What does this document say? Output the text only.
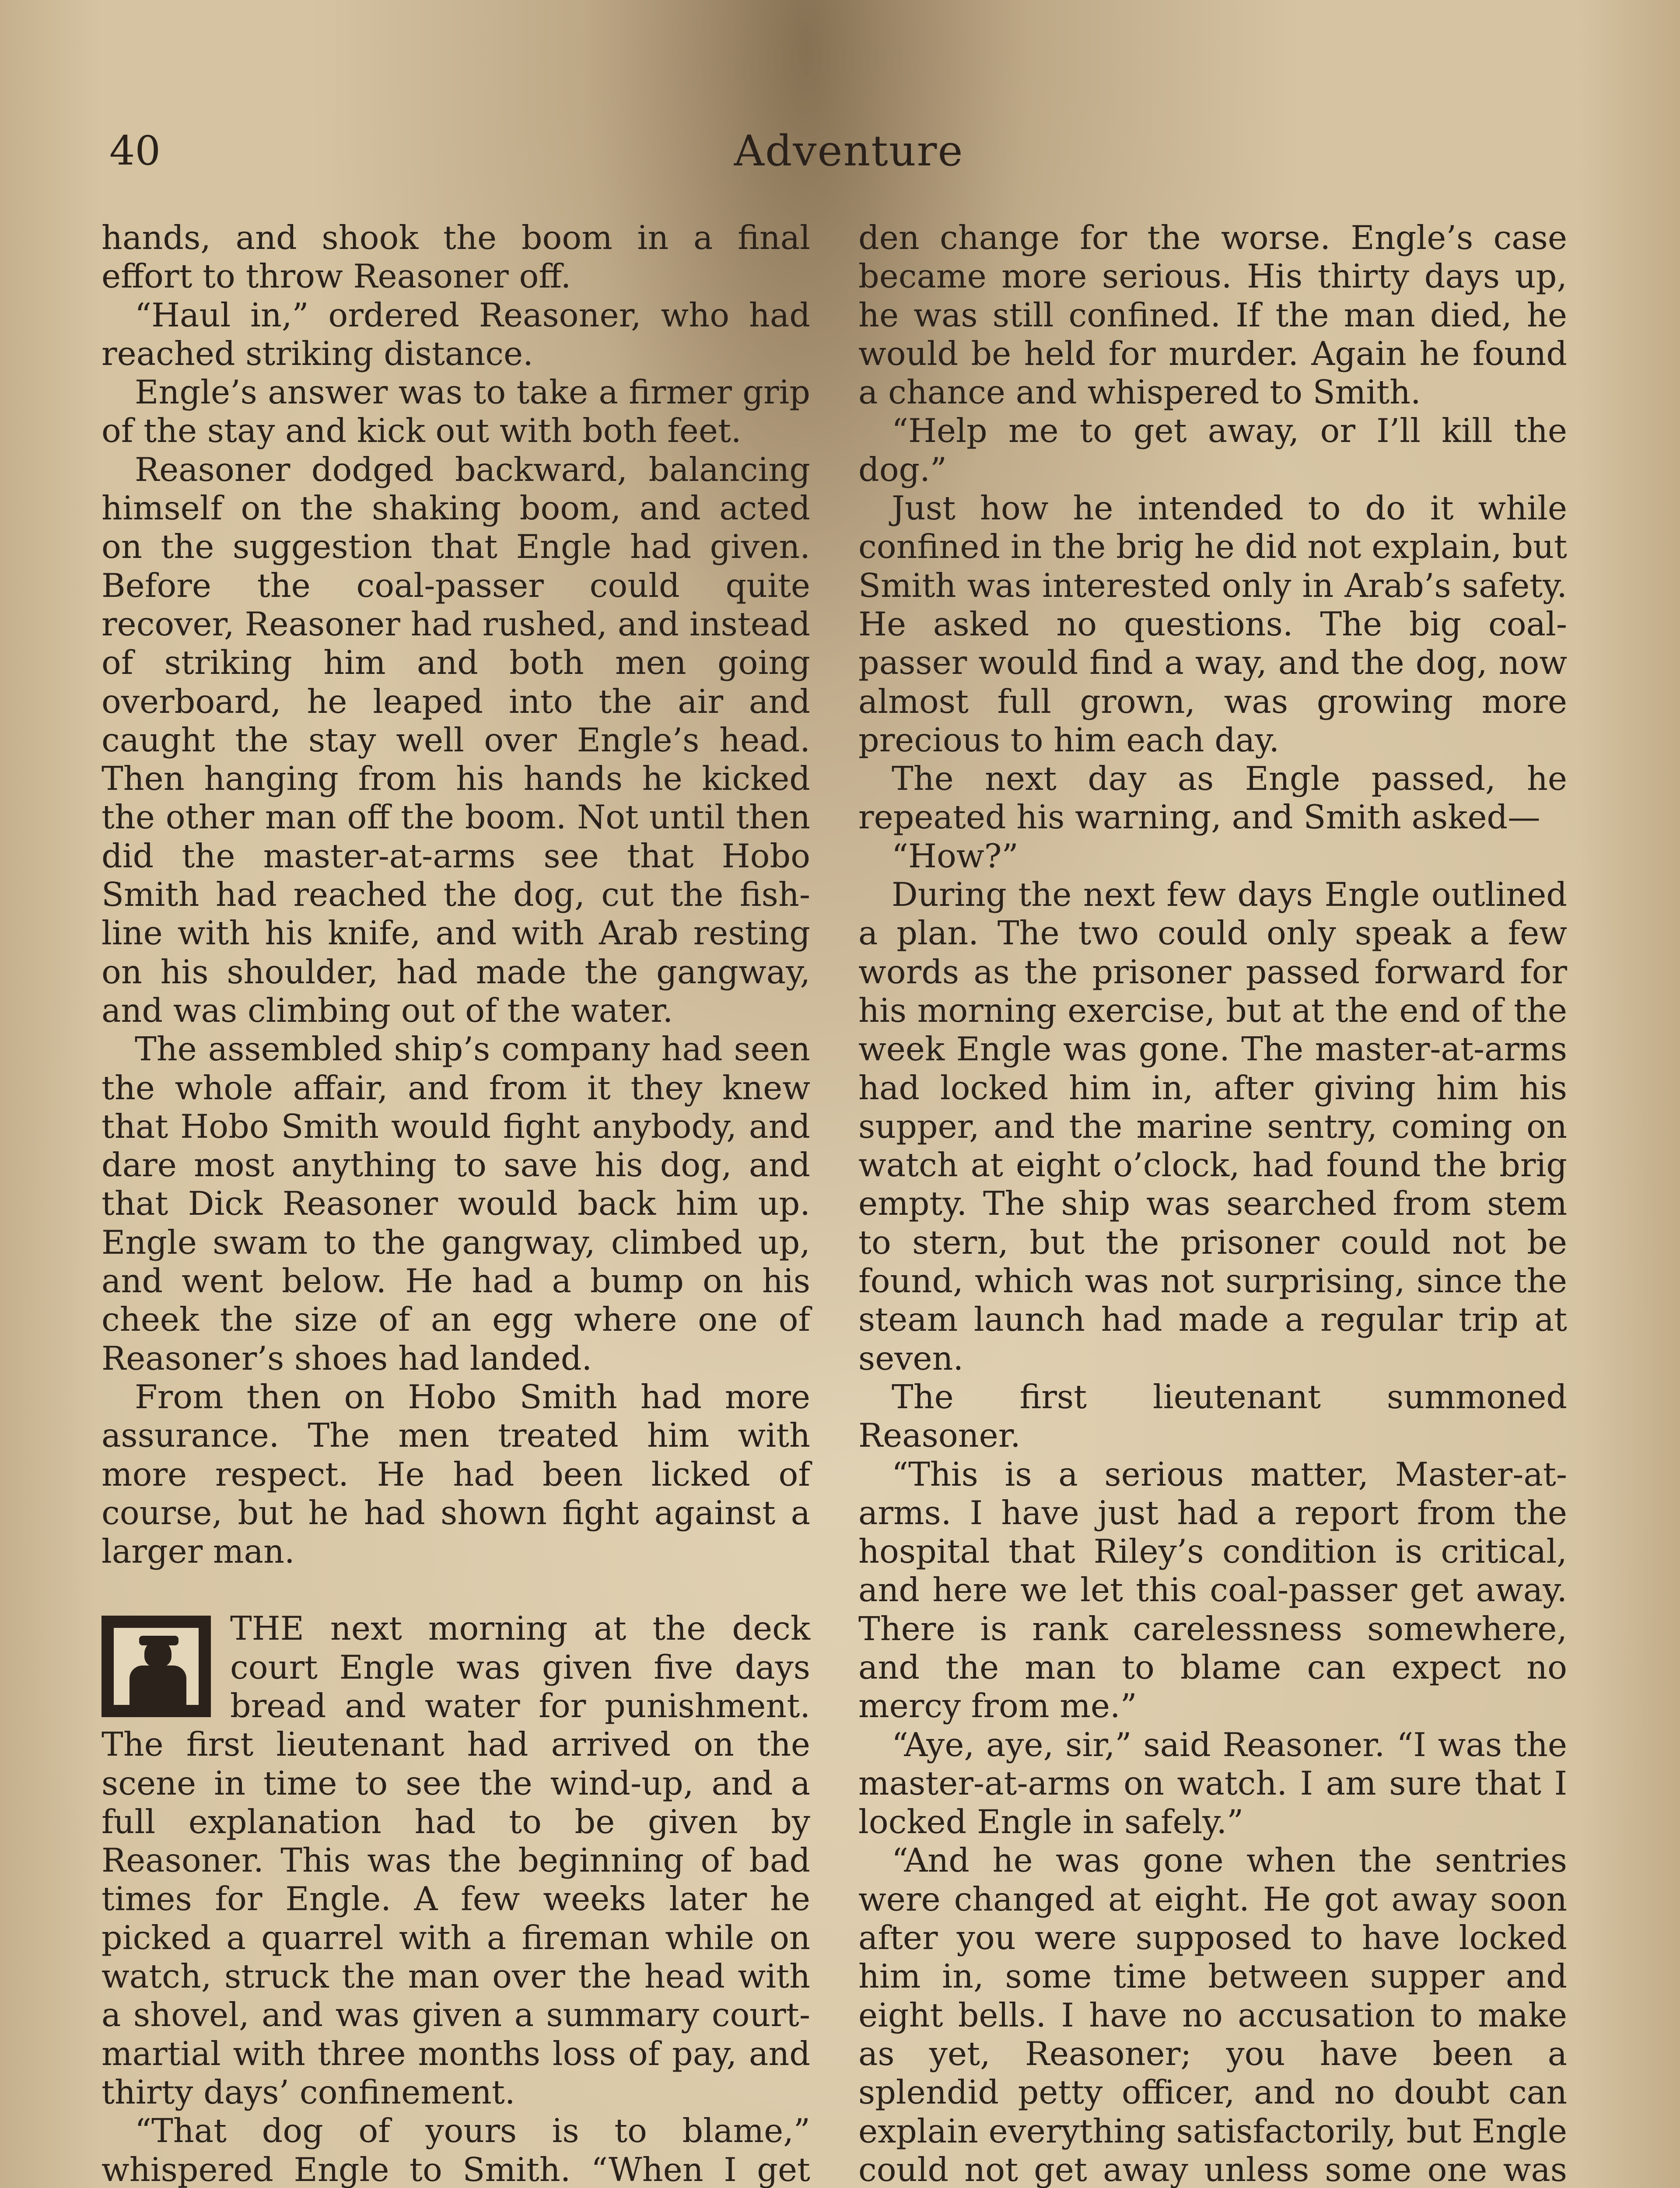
40	Adventure

hands, and shook the boom in a final effort to throw Reasoner off.

“Haul in,” ordered Reasoner, who had reached striking distance.

Engle’s answer was to take a firmer grip of the stay and kick out with both feet.

Reasoner dodged backward, balancing himself on the shaking boom, and acted on the suggestion that Engle had given. Before the coal-passer could quite recover, Reasoner had rushed, and instead of striking him and both men going overboard, he leaped into the air and caught the stay well over Engle’s head. Then hanging from his hands he kicked the other man off the boom. Not until then did the master-at-arms see that Hobo Smith had reached the dog, cut the fish-line with his knife, and with Arab resting on his shoulder, had made the gangway, and was climbing out of the water.

The assembled ship’s company had seen the whole affair, and from it they knew that Hobo Smith would fight anybody, and dare most anything to save his dog, and that Dick Reasoner would back him up. Engle swam to the gangway, climbed up, and went below. He had a bump on his cheek the size of an egg where one of Reasoner’s shoes had landed.

From then on Hobo Smith had more assurance. The men treated him with more respect. He had been licked of course, but he had shown fight against a larger man.

THE next morning at the deck court Engle was given five days bread and water for punishment. The first lieutenant had arrived on the scene in time to see the wind-up, and a full explanation had to be given by Reasoner. This was the beginning of bad times for Engle. A few weeks later he picked a quarrel with a fireman while on watch, struck the man over the head with a shovel, and was given a summary court-martial with three months loss of pay, and thirty days’ confinement.

“That dog of yours is to blame,” whispered Engle to Smith. “When I get

den change for the worse. Engle’s case became more serious. His thirty days up, he was still confined. If the man died, he would be held for murder. Again he found a chance and whispered to Smith.

“Help me to get away, or I’ll kill the dog.”

Just how he intended to do it while confined in the brig he did not explain, but Smith was interested only in Arab’s safety. He asked no questions. The big coal-passer would find a way, and the dog, now almost full grown, was growing more precious to him each day.

The next day as Engle passed, he repeated his warning, and Smith asked—

“How?”

During the next few days Engle outlined a plan. The two could only speak a few words as the prisoner passed forward for his morning exercise, but at the end of the week Engle was gone. The master-at-arms had locked him in, after giving him his supper, and the marine sentry, coming on watch at eight o’clock, had found the brig empty. The ship was searched from stem to stern, but the prisoner could not be found, which was not surprising, since the steam launch had made a regular trip at seven.

The first lieutenant summoned Reasoner.

“This is a serious matter, Master-at-arms. I have just had a report from the hospital that Riley’s condition is critical, and here we let this coal-passer get away. There is rank carelessness somewhere, and the man to blame can expect no mercy from me.”

“Aye, aye, sir,” said Reasoner. “I was the master-at-arms on watch. I am sure that I locked Engle in safely.”

“And he was gone when the sentries were changed at eight. He got away soon after you were supposed to have locked him in, some time between supper and eight bells. I have no accusation to make as yet, Reasoner; you have been a splendid petty officer, and no doubt can explain everything satisfactorily, but Engle could not get away unless some one was
